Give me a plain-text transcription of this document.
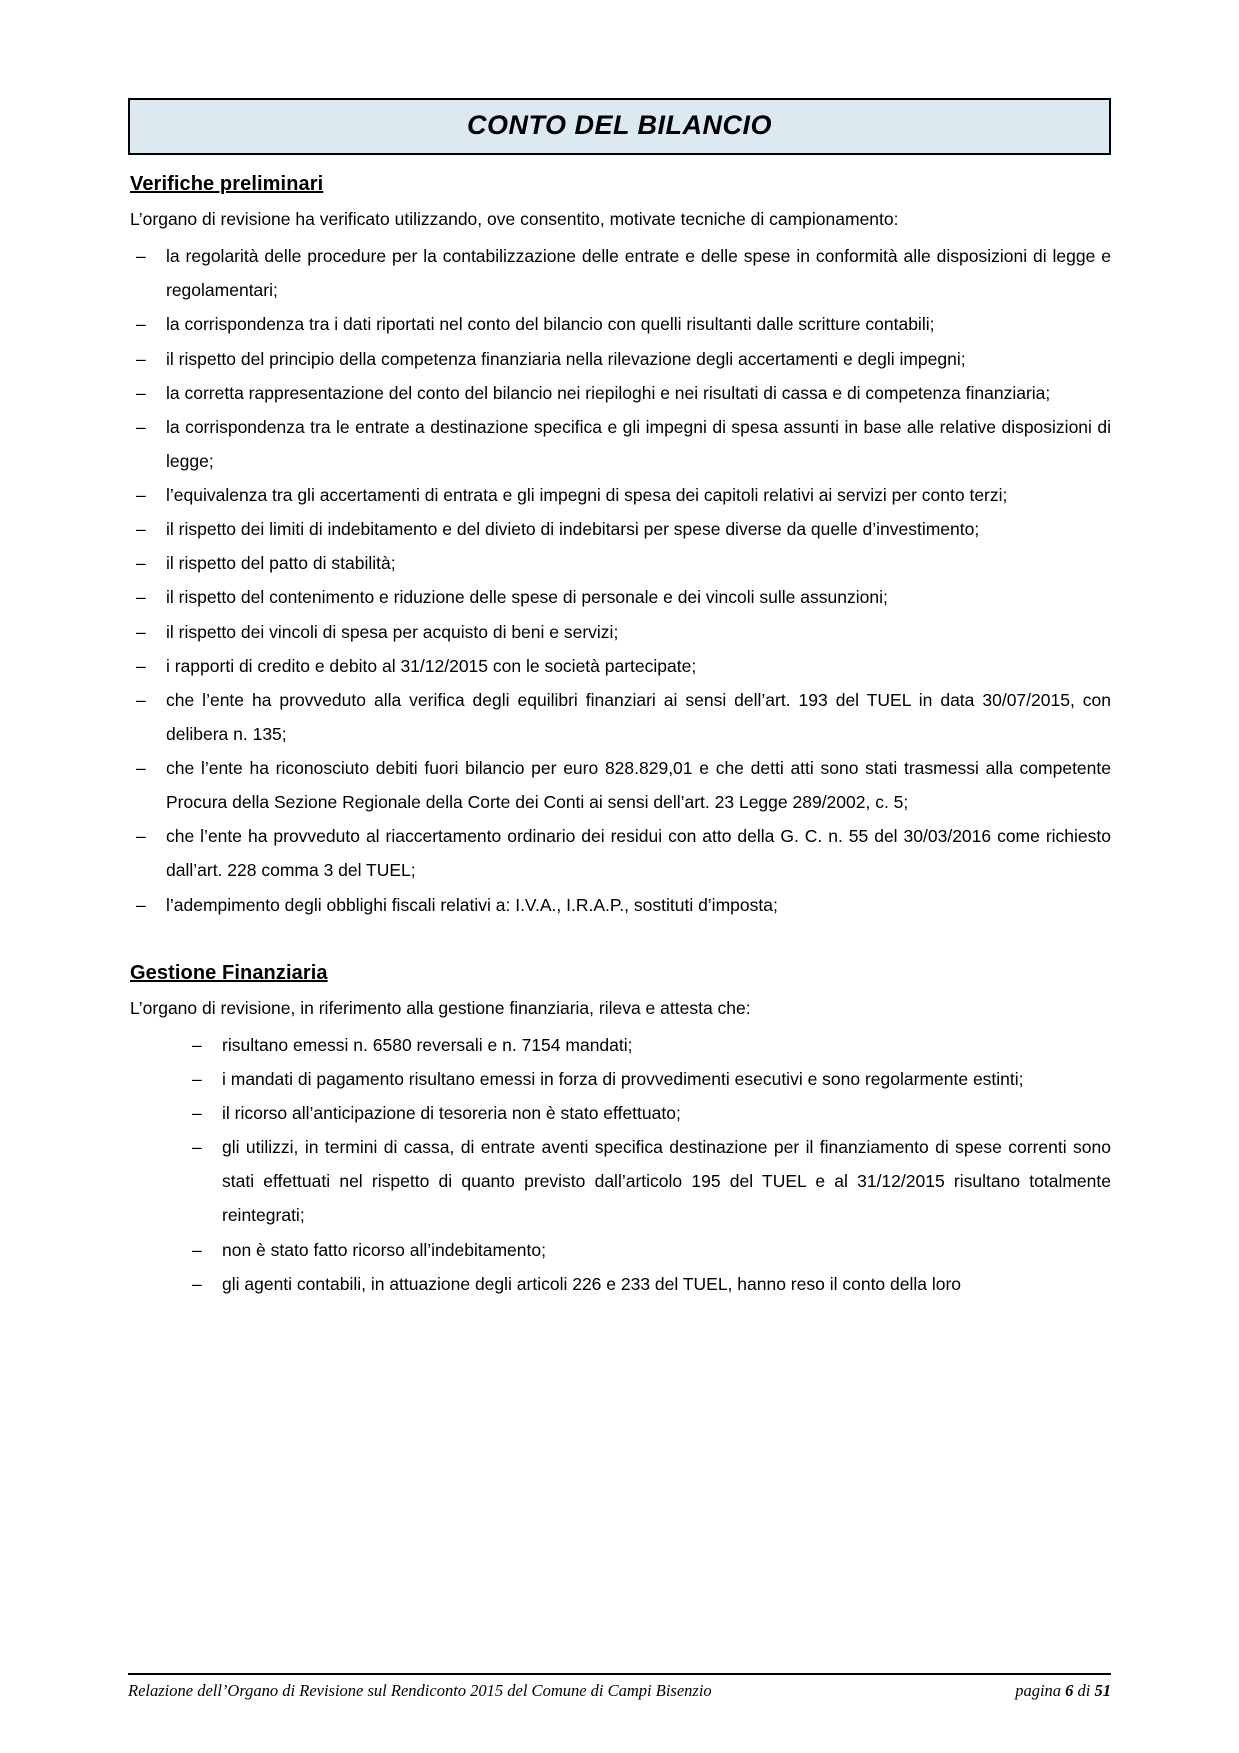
CONTO DEL BILANCIO
Verifiche preliminari

L’organo di revisione ha verificato utilizzando, ove consentito, motivate tecniche di campionamento:

– la regolarità delle procedure per la contabilizzazione delle entrate e delle spese in conformità alle disposizioni di legge e regolamentari;
– la corrispondenza tra i dati riportati nel conto del bilancio con quelli risultanti dalle scritture contabili;
– il rispetto del principio della competenza finanziaria nella rilevazione degli accertamenti e degli impegni;
– la corretta rappresentazione del conto del bilancio nei riepiloghi e nei risultati di cassa e di competenza finanziaria;
– la corrispondenza tra le entrate a destinazione specifica e gli impegni di spesa assunti in base alle relative disposizioni di legge;
– l’equivalenza tra gli accertamenti di entrata e gli impegni di spesa dei capitoli relativi ai servizi per conto terzi;
– il rispetto dei limiti di indebitamento e del divieto di indebitarsi per spese diverse da quelle d’investimento;
– il rispetto del patto di stabilità;
– il rispetto del contenimento e riduzione delle spese di personale e dei vincoli sulle assunzioni;
– il rispetto dei vincoli di spesa per acquisto di beni e servizi;
– i rapporti di credito e debito al 31/12/2015 con le società partecipate;
– che l’ente ha provveduto alla verifica degli equilibri finanziari ai sensi dell’art. 193 del TUEL in data 30/07/2015, con delibera n. 135;
– che l’ente ha riconosciuto debiti fuori bilancio per euro 828.829,01 e che detti atti sono stati trasmessi alla competente Procura della Sezione Regionale della Corte dei Conti ai sensi dell’art. 23 Legge 289/2002, c. 5;
– che l’ente ha provveduto al riaccertamento ordinario dei residui con atto della G. C. n. 55 del 30/03/2016 come richiesto dall’art. 228 comma 3 del TUEL;
– l’adempimento degli obblighi fiscali relativi a: I.V.A., I.R.A.P., sostituti d’imposta;
Gestione Finanziaria

L’organo di revisione, in riferimento alla gestione finanziaria, rileva e attesta che:

– risultano emessi n. 6580 reversali e n. 7154 mandati;
– i mandati di pagamento risultano emessi in forza di provvedimenti esecutivi e sono regolarmente estinti;
– il ricorso all’anticipazione di tesoreria non è stato effettuato;
– gli utilizzi, in termini di cassa, di entrate aventi specifica destinazione per il finanziamento di spese correnti sono stati effettuati nel rispetto di quanto previsto dall’articolo 195 del TUEL e al 31/12/2015 risultano totalmente reintegrati;
– non è stato fatto ricorso all’indebitamento;
– gli agenti contabili, in attuazione degli articoli 226 e 233 del TUEL, hanno reso il conto della loro
Relazione dell’Organo di Revisione sul Rendiconto 2015 del Comune di Campi Bisenzio	pagina 6 di 51
